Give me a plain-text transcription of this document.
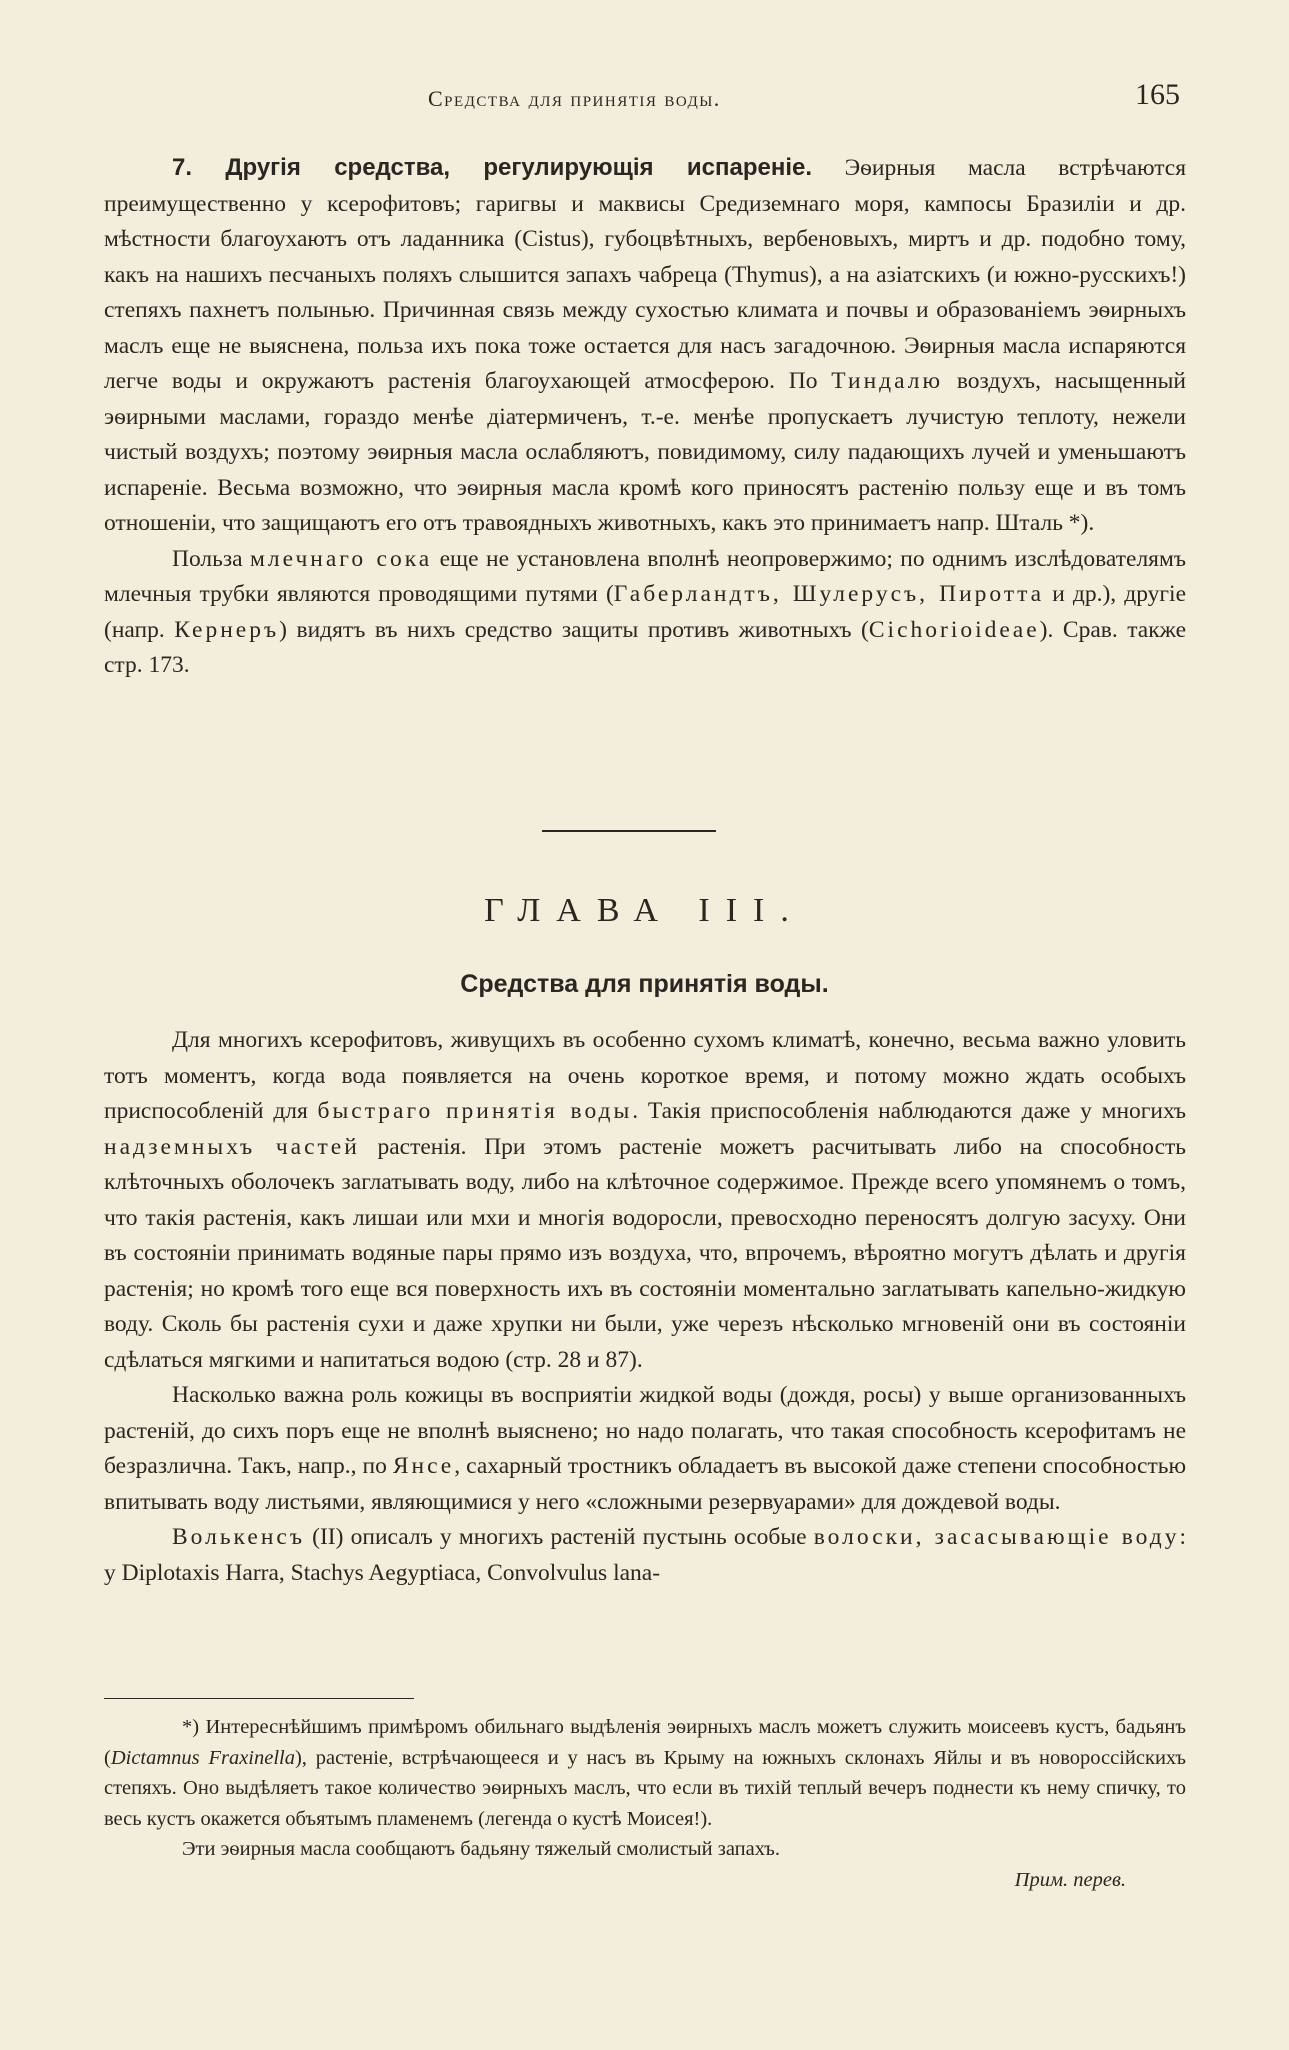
Средства для принятія воды.	165

7. Другія средства, регулирующія испареніе. Эѳирныя масла встрѣчаются преимущественно у ксерофитовъ; гаригвы и маквисы Средиземнаго моря, кампосы Бразиліи и др. мѣстности благоухаютъ отъ ладанника (Cistus), губоцвѣтныхъ, вербеновыхъ, миртъ и др. подобно тому, какъ на нашихъ песчаныхъ поляхъ слышится запахъ чабреца (Thymus), а на азіатскихъ (и южно-русскихъ!) степяхъ пахнетъ полынью. Причинная связь между сухостью климата и почвы и образованіемъ эѳирныхъ маслъ еще не выяснена, польза ихъ пока тоже остается для насъ загадочною. Эѳирныя масла испаряются легче воды и окружаютъ растенія благоухающей атмосферою. По Тиндалю воздухъ, насыщенный эѳирными маслами, гораздо менѣе діатермиченъ, т.-е. менѣе пропускаетъ лучистую теплоту, нежели чистый воздухъ; поэтому эѳирныя масла ослабляютъ, повидимому, силу падающихъ лучей и уменьшаютъ испареніе. Весьма возможно, что эѳирныя масла кромѣ кого приносятъ растенію пользу еще и въ томъ отношеніи, что защищаютъ его отъ травоядныхъ животныхъ, какъ это принимаетъ напр. Шталь *).

Польза млечнаго сока еще не установлена вполнѣ неопровержимо; по однимъ изслѣдователямъ млечныя трубки являются проводящими путями (Габерландтъ, Шулерусъ, Пиротта и др.), другіе (напр. Кернеръ) видятъ въ нихъ средство защиты противъ животныхъ (Cichorioideae). Срав. также стр. 173.

ГЛАВА III.
Средства для принятія воды.

Для многихъ ксерофитовъ, живущихъ въ особенно сухомъ климатѣ, конечно, весьма важно уловить тотъ моментъ, когда вода появляется на очень короткое время, и потому можно ждать особыхъ приспособленій для быстраго принятія воды. Такія приспособленія наблюдаются даже у многихъ надземныхъ частей растенія. При этомъ растеніе можетъ расчитывать либо на способность клѣточныхъ оболочекъ заглатывать воду, либо на клѣточное содержимое. Прежде всего упомянемъ о томъ, что такія растенія, какъ лишаи или мхи и многія водоросли, превосходно переносятъ долгую засуху. Они въ состояніи принимать водяные пары прямо изъ воздуха, что, впрочемъ, вѣроятно могутъ дѣлать и другія растенія; но кромѣ того еще вся поверхность ихъ въ состояніи моментально заглатывать капельно-жидкую воду. Сколь бы растенія сухи и даже хрупки ни были, уже черезъ нѣсколько мгновеній они въ состояніи сдѣлаться мягкими и напитаться водою (стр. 28 и 87).

Насколько важна роль кожицы въ восприятіи жидкой воды (дождя, росы) у выше организованныхъ растеній, до сихъ поръ еще не вполнѣ выяснено; но надо полагать, что такая способность ксерофитамъ не безразлична. Такъ, напр., по Янсе, сахарный тростникъ обладаетъ въ высокой даже степени способностью впитывать воду листьями, являющимися у него «сложными резервуарами» для дождевой воды.

Волькенсъ (II) описалъ у многихъ растеній пустынь особые волоски, засасывающіе воду: у Diplotaxis Harra, Stachys Aegyptiaca, Convolvulus lana-

*) Интереснѣйшимъ примѣромъ обильнаго выдѣленія эѳирныхъ маслъ можетъ служить моисеевъ кустъ, бадьянъ (Dictamnus Fraxinella), растеніе, встрѣчающееся и у насъ въ Крыму на южныхъ склонахъ Яйлы и въ новороссійскихъ степяхъ. Оно выдѣляетъ такое количество эѳирныхъ маслъ, что если въ тихій теплый вечеръ поднести къ нему спичку, то весь кустъ окажется объятымъ пламенемъ (легенда о кустѣ Моисея!).

Эти эѳирныя масла сообщаютъ бадьяну тяжелый смолистый запахъ.

Прим. перев.
